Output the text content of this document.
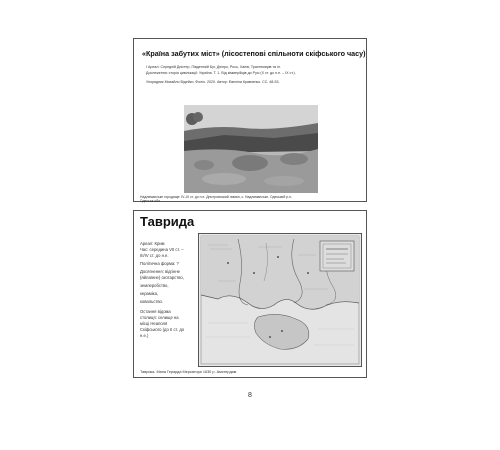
«Країна забутих міст» (лісостепові спільноти скіфського часу)
І Ареал: Середній Дністер, Південний Буг, Дніпро, Рось, Ханів, Трахтемирів та ін.
Дослеження: сторія цивілізації: Україна. Т. 1. Від кіммерійців до Русі (Х ст. до н.е. – ІХ ст.).
Упорядник Михайло Відейко. Фоліо. 2020. Автор: Евеліна Кравченко. СС. 48-53.
Надлиманське городище: IV–III ст. до н.е. Дністровський лиман, с. Надлиманське, Одеський р-н,
Одеська обл.
Таврида
Ареал: Крим
Час: середина VII ст. –
III/IV ст. до н.е.
Політична форма: ?
Досягнення: відгінне
(яйлаїнне) скотарство,
землеробство,
кераміка,
ковальство.
Остання відома
столиця: селище на
місці Неаполя
Скіфського (до ІІ ст. до
н.е.)
Таврика. Мапа Герарда Меркатора 1630 р. Амстердам
8
